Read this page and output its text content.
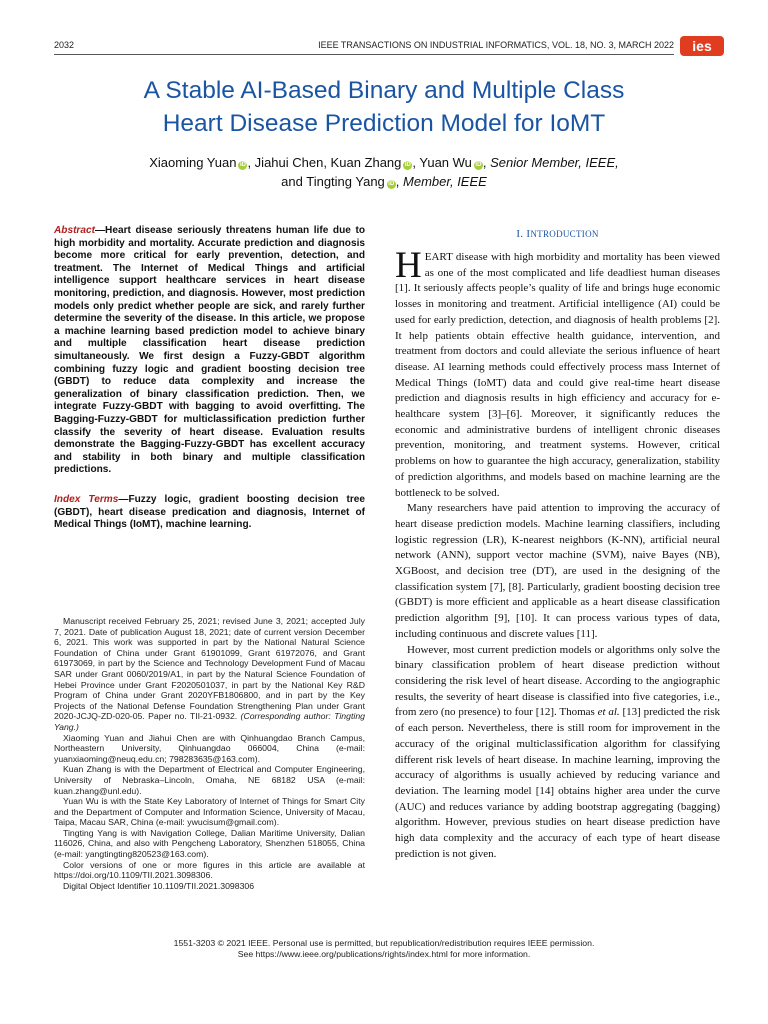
2032	IEEE TRANSACTIONS ON INDUSTRIAL INFORMATICS, VOL. 18, NO. 3, MARCH 2022 ies
A Stable AI-Based Binary and Multiple Class
Heart Disease Prediction Model for IoMT
Xiaoming Yuan iD , Jiahui Chen, Kuan Zhang iD , Yuan Wu iD , Senior Member, IEEE,
and Tingting Yang iD , Member, IEEE
Abstract—Heart disease seriously threatens human life due to high morbidity and mortality. Accurate prediction and diagnosis become more critical for early prevention, detection, and treatment. The Internet of Medical Things and artificial intelligence support healthcare services in heart disease monitoring, prediction, and diagnosis. However, most prediction models only predict whether people are sick, and rarely further determine the severity of the disease. In this article, we propose a machine learning based prediction model to achieve binary and multiple classification heart disease prediction simultaneously. We first design a Fuzzy-GBDT algorithm combining fuzzy logic and gradient boosting decision tree (GBDT) to reduce data complexity and increase the generalization of binary classification prediction. Then, we integrate Fuzzy-GBDT with bagging to avoid overfitting. The Bagging-Fuzzy-GBDT for multiclassification prediction further classify the severity of heart disease. Evaluation results demonstrate the Bagging-Fuzzy-GBDT has excellent accuracy and stability in both binary and multiple classification predictions.
Index Terms—Fuzzy logic, gradient boosting decision tree (GBDT), heart disease predication and diagnosis, Internet of Medical Things (IoMT), machine learning.

Manuscript received February 25, 2021; revised June 3, 2021; accepted July 7, 2021. Date of publication August 18, 2021; date of current version December 6, 2021. This work was supported in part by the National Natural Science Foundation of China under Grant 61901099, Grant 61972076, and Grant 61973069, in part by the Science and Technology Development Fund of Macau SAR under Grant 0060/2019/A1, in part by the Natural Science Foundation of Hebei Province under Grant F2020501037, in part by the National Key R&D Program of China under Grant 2020YFB1806800, and in part by the Key Projects of the National Defense Foundation Strengthening Plan under Grant 2020-JCJQ-ZD-020-05. Paper no. TII-21-0932. (Corresponding author: Tingting Yang.)

Xiaoming Yuan and Jiahui Chen are with Qinhuangdao Branch Campus, Northeastern University, Qinhuangdao 066004, China (e-mail: yuanxiaoming@neuq.edu.cn; 798283635@163.com).

Kuan Zhang is with the Department of Electrical and Computer Engineering, University of Nebraska–Lincoln, Omaha, NE 68182 USA (e-mail: kuan.zhang@unl.edu).

Yuan Wu is with the State Key Laboratory of Internet of Things for Smart City and the Department of Computer and Information Science, University of Macau, Taipa, Macau SAR, China (e-mail: ywucisum@gmail.com).

Tingting Yang is with Navigation College, Dalian Maritime University, Dalian 116026, China, and also with Pengcheng Laboratory, Shenzhen 518055, China (e-mail: yangtingting820523@163.com).

Color versions of one or more figures in this article are available at https://doi.org/10.1109/TII.2021.3098306.

Digital Object Identifier 10.1109/TII.2021.3098306

I. INTRODUCTION

HEART disease with high morbidity and mortality has been viewed as one of the most complicated and life deadliest human diseases [1]. It seriously affects people’s quality of life and brings huge economic losses in monitoring and treatment. Artificial intelligence (AI) could be used for early prediction, detection, and diagnosis of health problems [2]. It help patients obtain effective health guidance, intervention, and treatment from doctors and could alleviate the serious influence of heart disease. AI learning methods could effectively process mass Internet of Medical Things (IoMT) data and could give real-time heart disease prediction and diagnosis results in high efficiency and accuracy for e-healthcare system [3]–[6]. Moreover, it significantly reduces the economic and administrative burdens of intelligent chronic diseases prevention, monitoring, and treatment systems. However, critical problems on how to guarantee the high accuracy, generalization, stability of prediction algorithms, and models based on machine learning are the bottleneck to be solved.

Many researchers have paid attention to improving the accuracy of heart disease prediction models. Machine learning classifiers, including logistic regression (LR), K-nearest neighbors (K-NN), artificial neural network (ANN), support vector machine (SVM), naive Bayes (NB), XGBoost, and decision tree (DT), are used in the designing of the classification system [7], [8]. Particularly, gradient boosting decision tree (GBDT) is more efficient and applicable as a heart disease classification prediction algorithm [9], [10]. It can process various types of data, including continuous and discrete values [11].

However, most current prediction models or algorithms only solve the binary classification problem of heart disease prediction without considering the risk level of heart disease. According to the angiographic results, the severity of heart disease is classified into five categories, i.e., from zero (no presence) to four [12]. Thomas et al. [13] predicted the risk of each person. Nevertheless, there is still room for improvement in the accuracy of the original multiclassification algorithm for classifying different risk levels of heart disease. In machine learning, improving the accuracy of algorithms is usually achieved by reducing variance and deviation. The learning model [14] obtains higher area under the curve (AUC) and reduces variance by adding bootstrap aggregating (bagging) algorithm. However, previous studies on heart disease prediction have high data complexity and the accuracy of each type of heart disease prediction is not given.

1551-3203 © 2021 IEEE. Personal use is permitted, but republication/redistribution requires IEEE permission.
See https://www.ieee.org/publications/rights/index.html for more information.
